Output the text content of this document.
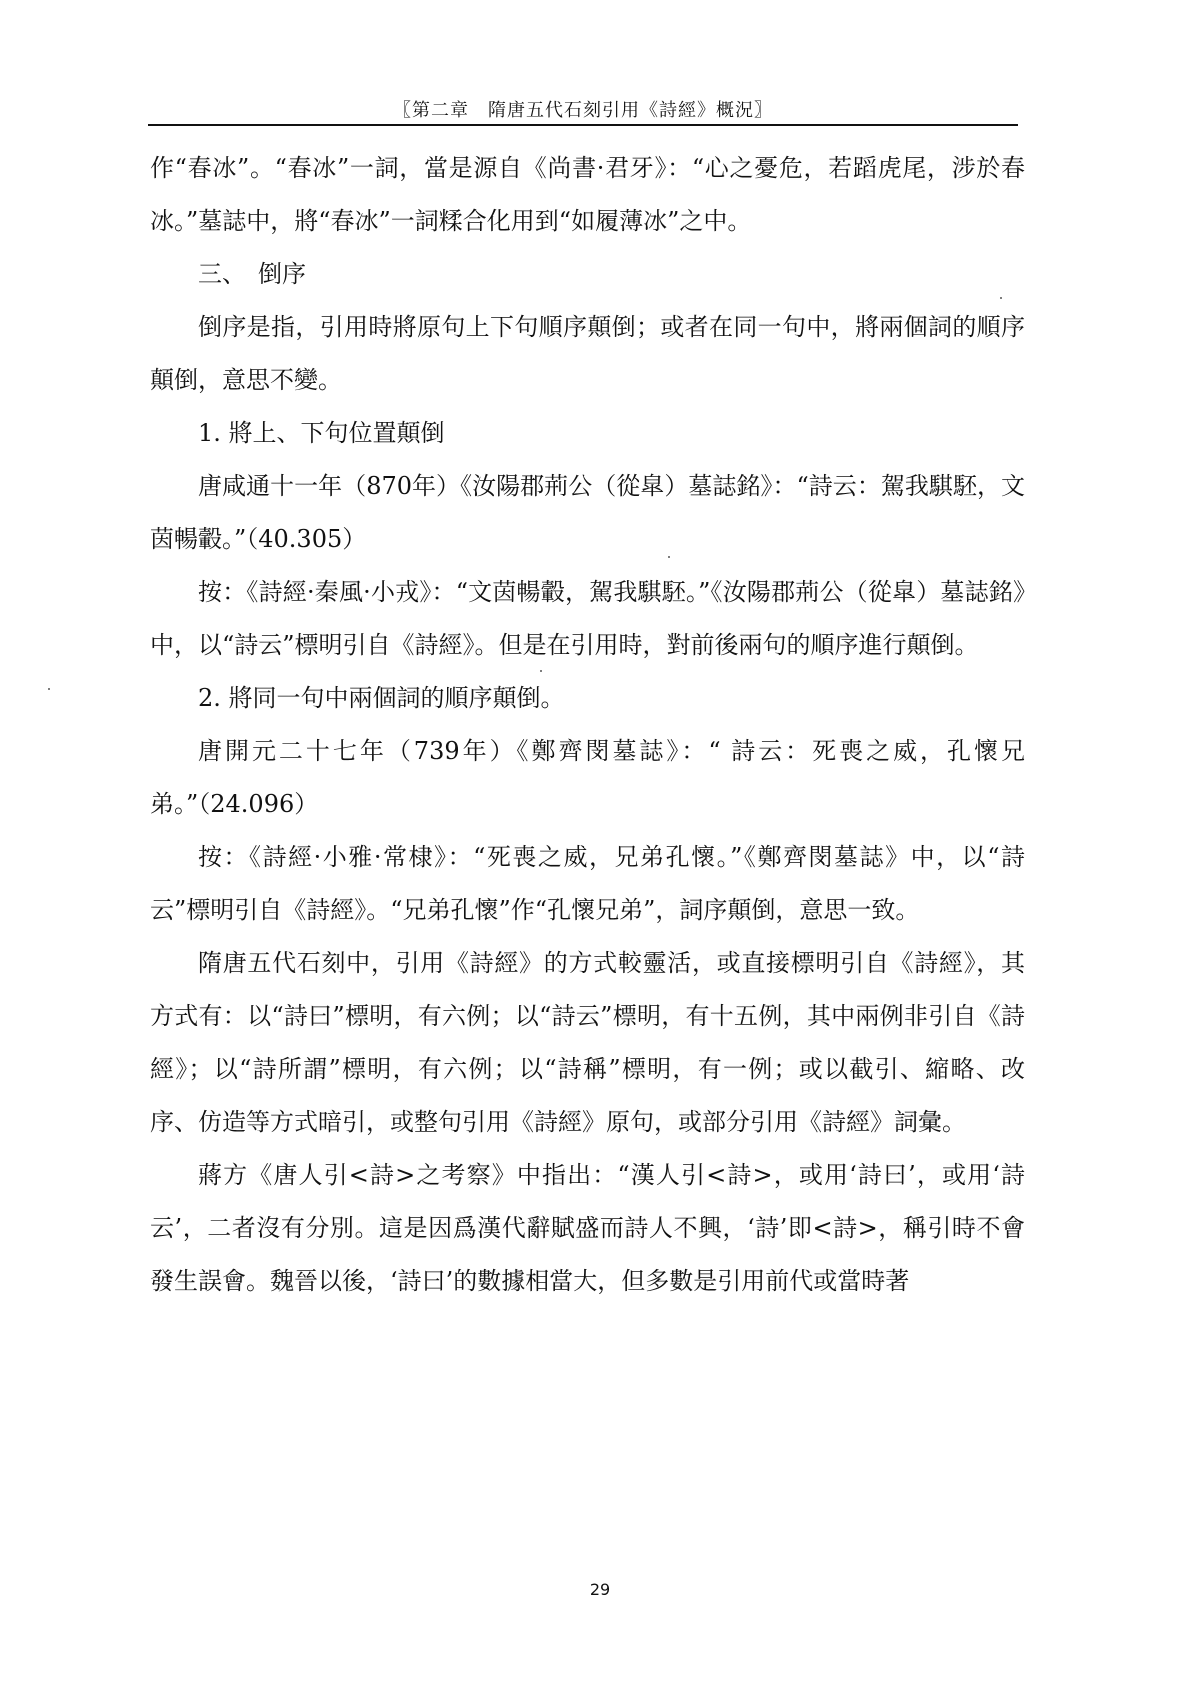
〖第二章　隋唐五代石刻引用《詩經》概況〗

作“春冰”。“春冰”一詞，當是源自《尚書·君牙》：“心之憂危，若蹈虎尾，涉於春冰。”墓誌中，將“春冰”一詞糅合化用到“如履薄冰”之中。

三、　倒序

倒序是指，引用時將原句上下句順序顛倒；或者在同一句中，將兩個詞的順序顛倒，意思不變。

1. 將上、下句位置顛倒

唐咸通十一年（870年）《汝陽郡荊公（從皐）墓誌銘》：“詩云：駕我騏駓，文茵暢轂。”（40.305）

按：《詩經·秦風·小戎》：“文茵暢轂，駕我騏駓。”《汝陽郡荊公（從皐）墓誌銘》中，以“詩云”標明引自《詩經》。但是在引用時，對前後兩句的順序進行顛倒。

2. 將同一句中兩個詞的順序顛倒。

唐開元二十七年（739年）《鄭齊閔墓誌》：“ 詩云：死喪之威，孔懷兄弟。”（24.096）

按：《詩經·小雅·常棣》：“死喪之威，兄弟孔懷。”《鄭齊閔墓誌》中，以“詩云”標明引自《詩經》。“兄弟孔懷”作“孔懷兄弟”，詞序顛倒，意思一致。

隋唐五代石刻中，引用《詩經》的方式較靈活，或直接標明引自《詩經》，其方式有：以“詩曰”標明，有六例；以“詩云”標明，有十五例，其中兩例非引自《詩經》；以“詩所謂”標明，有六例；以“詩稱”標明，有一例；或以截引、縮略、改序、仿造等方式暗引，或整句引用《詩經》原句，或部分引用《詩經》詞彙。

蔣方《唐人引<詩>之考察》中指出：“漢人引<詩>，或用‘詩曰’，或用‘詩云’，二者沒有分別。這是因爲漢代辭賦盛而詩人不興，‘詩’即<詩>，稱引時不會發生誤會。魏晉以後，‘詩曰’的數據相當大，但多數是引用前代或當時著

29
